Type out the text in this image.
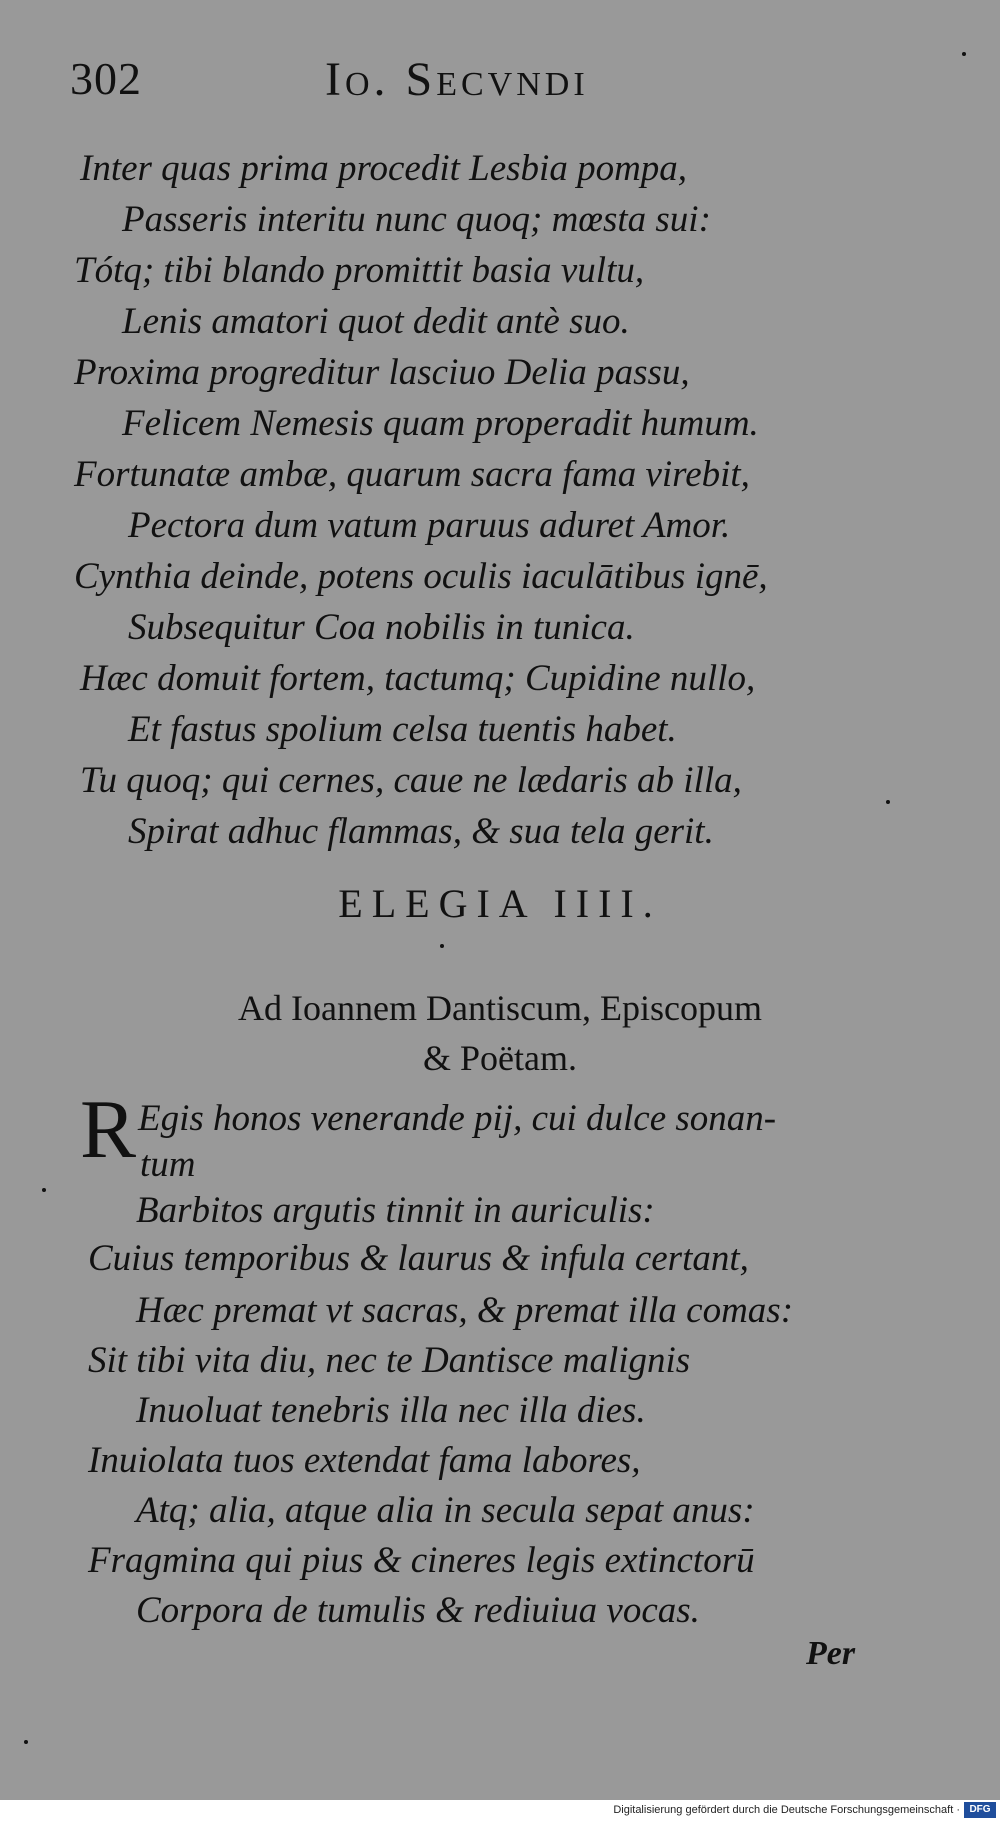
302	Io. Secvndi
Inter quas prima procedit Lesbia pompa,
Passeris interitu nunc quoq; mœsta sui:
Tótq; tibi blando promittit basia vultu,
Lenis amatori quot dedit antè suo.
Proxima progreditur lasciuo Delia passu,
Felicem Nemesis quam properadit humum.
Fortunatæ ambæ, quarum sacra fama virebit,
Pectora dum vatum paruus aduret Amor.
Cynthia deinde, potens oculis iaculātibus ignē,
Subsequitur Coa nobilis in tunica.
Hæc domuit fortem, tactumq; Cupidine nullo,
Et fastus spolium celsa tuentis habet.
Tu quoq; qui cernes, caue ne lædaris ab illa,
Spirat adhuc flammas, & sua tela gerit.
ELEGIA IIII.
Ad Ioannem Dantiscum, Episcopum
& Poëtam.
R Egis honos venerande pij, cui dulce sonan-
tum
Barbitos argutis tinnit in auriculis:
Cuius temporibus & laurus & infula certant,
Hæc premat vt sacras, & premat illa comas:
Sit tibi vita diu, nec te Dantisce malignis
Inuoluat tenebris illa nec illa dies.
Inuiolata tuos extendat fama labores,
Atq; alia, atque alia in secula sepat anus:
Fragmina qui pius & cineres legis extinctorū
Corpora de tumulis & rediuiua vocas.
Per
Digitalisierung gefördert durch die Deutsche Forschungsgemeinschaft · DFG
